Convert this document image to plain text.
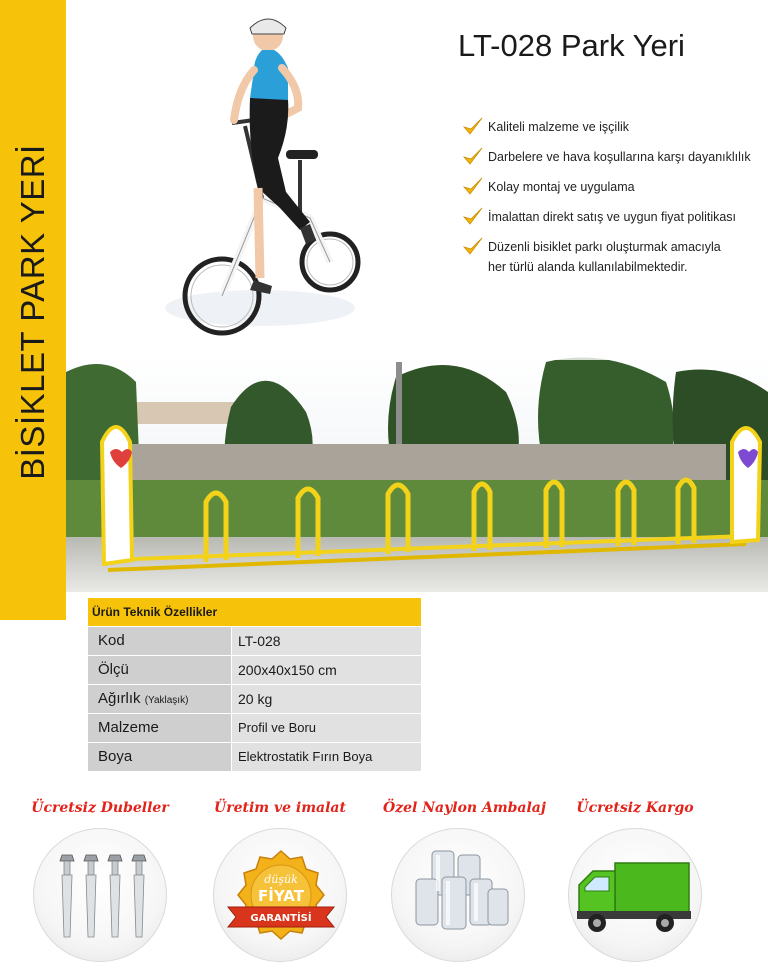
BİSİKLET PARK YERİ
LT-028 Park Yeri
Kaliteli malzeme ve işçilik
Darbelere ve hava koşullarına karşı dayanıklılık
Kolay montaj ve uygulama
İmalattan direkt satış ve uygun fiyat politikası
Düzenli bisiklet parkı oluşturmak amacıyla
her türlü alanda kullanılabilmektedir.
Ürün Teknik Özellikler
Kod	LT-028
Ölçü	200x40x150 cm
Ağırlık (Yaklaşık)	20 kg
Malzeme	Profil ve Boru
Boya	Elektrostatik Fırın Boya
Ücretsiz Dubeller	Üretim ve imalat
düşük
FİYAT
GARANTİSİ
Özel Naylon Ambalaj	Ücretsiz Kargo
